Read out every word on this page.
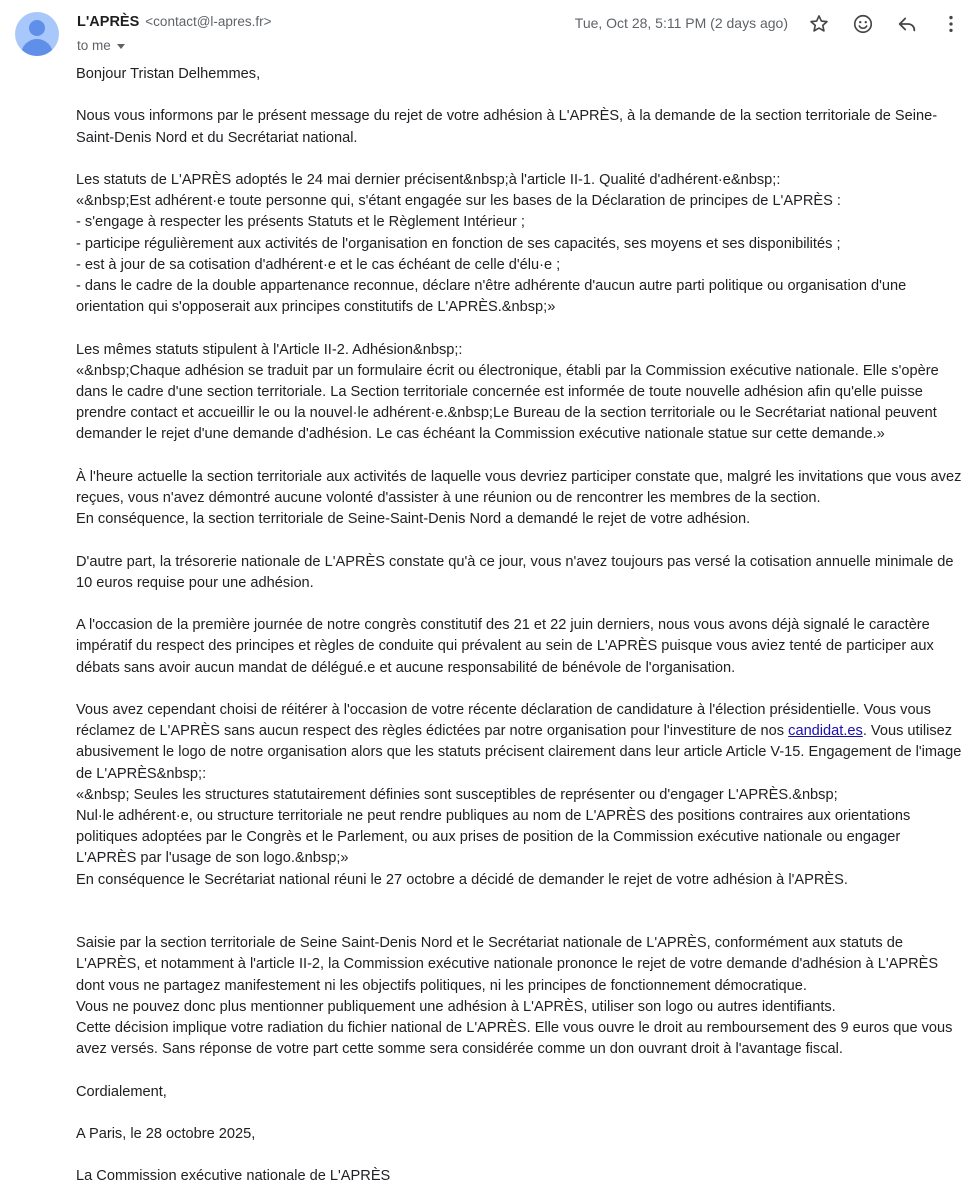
L'APRÈS <contact@l-apres.fr>
to me
Tue, Oct 28, 5:11 PM (2 days ago)

Bonjour Tristan Delhemmes,

Nous vous informons par le présent message du rejet de votre adhésion à L'APRÈS, à la demande de la section territoriale de Seine-Saint-Denis Nord et du Secrétariat national.

Les statuts de L'APRÈS adoptés le 24 mai dernier précisent&nbsp;à l'article II-1. Qualité d'adhérent·e&nbsp;:

«&nbsp;Est adhérent·e toute personne qui, s'étant engagée sur les bases de la Déclaration de principes de L'APRÈS :

- s'engage à respecter les présents Statuts et le Règlement Intérieur ;

- participe régulièrement aux activités de l'organisation en fonction de ses capacités, ses moyens et ses disponibilités ;

- est à jour de sa cotisation d'adhérent·e et le cas échéant de celle d'élu·e ;

- dans le cadre de la double appartenance reconnue, déclare n'être adhérente d'aucun autre parti politique ou organisation d'une orientation qui s'opposerait aux principes constitutifs de L'APRÈS.&nbsp;»

Les mêmes statuts stipulent à l'Article II-2. Adhésion&nbsp;:

«&nbsp;Chaque adhésion se traduit par un formulaire écrit ou électronique, établi par la Commission exécutive nationale. Elle s'opère dans le cadre d'une section territoriale. La Section territoriale concernée est informée de toute nouvelle adhésion afin qu'elle puisse prendre contact et accueillir le ou la nouvel·le adhérent·e.&nbsp;Le Bureau de la section territoriale ou le Secrétariat national peuvent demander le rejet d'une demande d'adhésion. Le cas échéant la Commission exécutive nationale statue sur cette demande.»

À l'heure actuelle la section territoriale aux activités de laquelle vous devriez participer constate que, malgré les invitations que vous avez reçues, vous n'avez démontré aucune volonté d'assister à une réunion ou de rencontrer les membres de la section.

En conséquence, la section territoriale de Seine-Saint-Denis Nord a demandé le rejet de votre adhésion.

D'autre part, la trésorerie nationale de L'APRÈS constate qu'à ce jour, vous n'avez toujours pas versé la cotisation annuelle minimale de 10 euros requise pour une adhésion.

A l'occasion de la première journée de notre congrès constitutif des 21 et 22 juin derniers, nous vous avons déjà signalé le caractère impératif du respect des principes et règles de conduite qui prévalent au sein de L'APRÈS puisque vous aviez tenté de participer aux débats sans avoir aucun mandat de délégué.e et aucune responsabilité de bénévole de l'organisation.

Vous avez cependant choisi de réitérer à l'occasion de votre récente déclaration de candidature à l'élection présidentielle. Vous vous réclamez de L'APRÈS sans aucun respect des règles édictées par notre organisation pour l'investiture de nos candidat.es. Vous utilisez abusivement le logo de notre organisation alors que les statuts précisent clairement dans leur article Article V-15. Engagement de l'image de L'APRÈS&nbsp;:

«&nbsp; Seules les structures statutairement définies sont susceptibles de représenter ou d'engager L'APRÈS.&nbsp;

Nul·le adhérent·e, ou structure territoriale ne peut rendre publiques au nom de L'APRÈS des positions contraires aux orientations politiques adoptées par le Congrès et le Parlement, ou aux prises de position de la Commission exécutive nationale ou engager L'APRÈS par l'usage de son logo.&nbsp;»

En conséquence le Secrétariat national réuni le 27 octobre a décidé de demander le rejet de votre adhésion à l'APRÈS.

Saisie par la section territoriale de Seine Saint-Denis Nord et le Secrétariat nationale de L'APRÈS, conformément aux statuts de L'APRÈS, et notamment à l'article II-2, la Commission exécutive nationale prononce le rejet de votre demande d'adhésion à L'APRÈS dont vous ne partagez manifestement ni les objectifs politiques, ni les principes de fonctionnement démocratique.

Vous ne pouvez donc plus mentionner publiquement une adhésion à L'APRÈS, utiliser son logo ou autres identifiants.

Cette décision implique votre radiation du fichier national de L'APRÈS. Elle vous ouvre le droit au remboursement des 9 euros que vous avez versés. Sans réponse de votre part cette somme sera considérée comme un don ouvrant droit à l'avantage fiscal.

Cordialement,

A Paris, le 28 octobre 2025,

La Commission exécutive nationale de L'APRÈS
